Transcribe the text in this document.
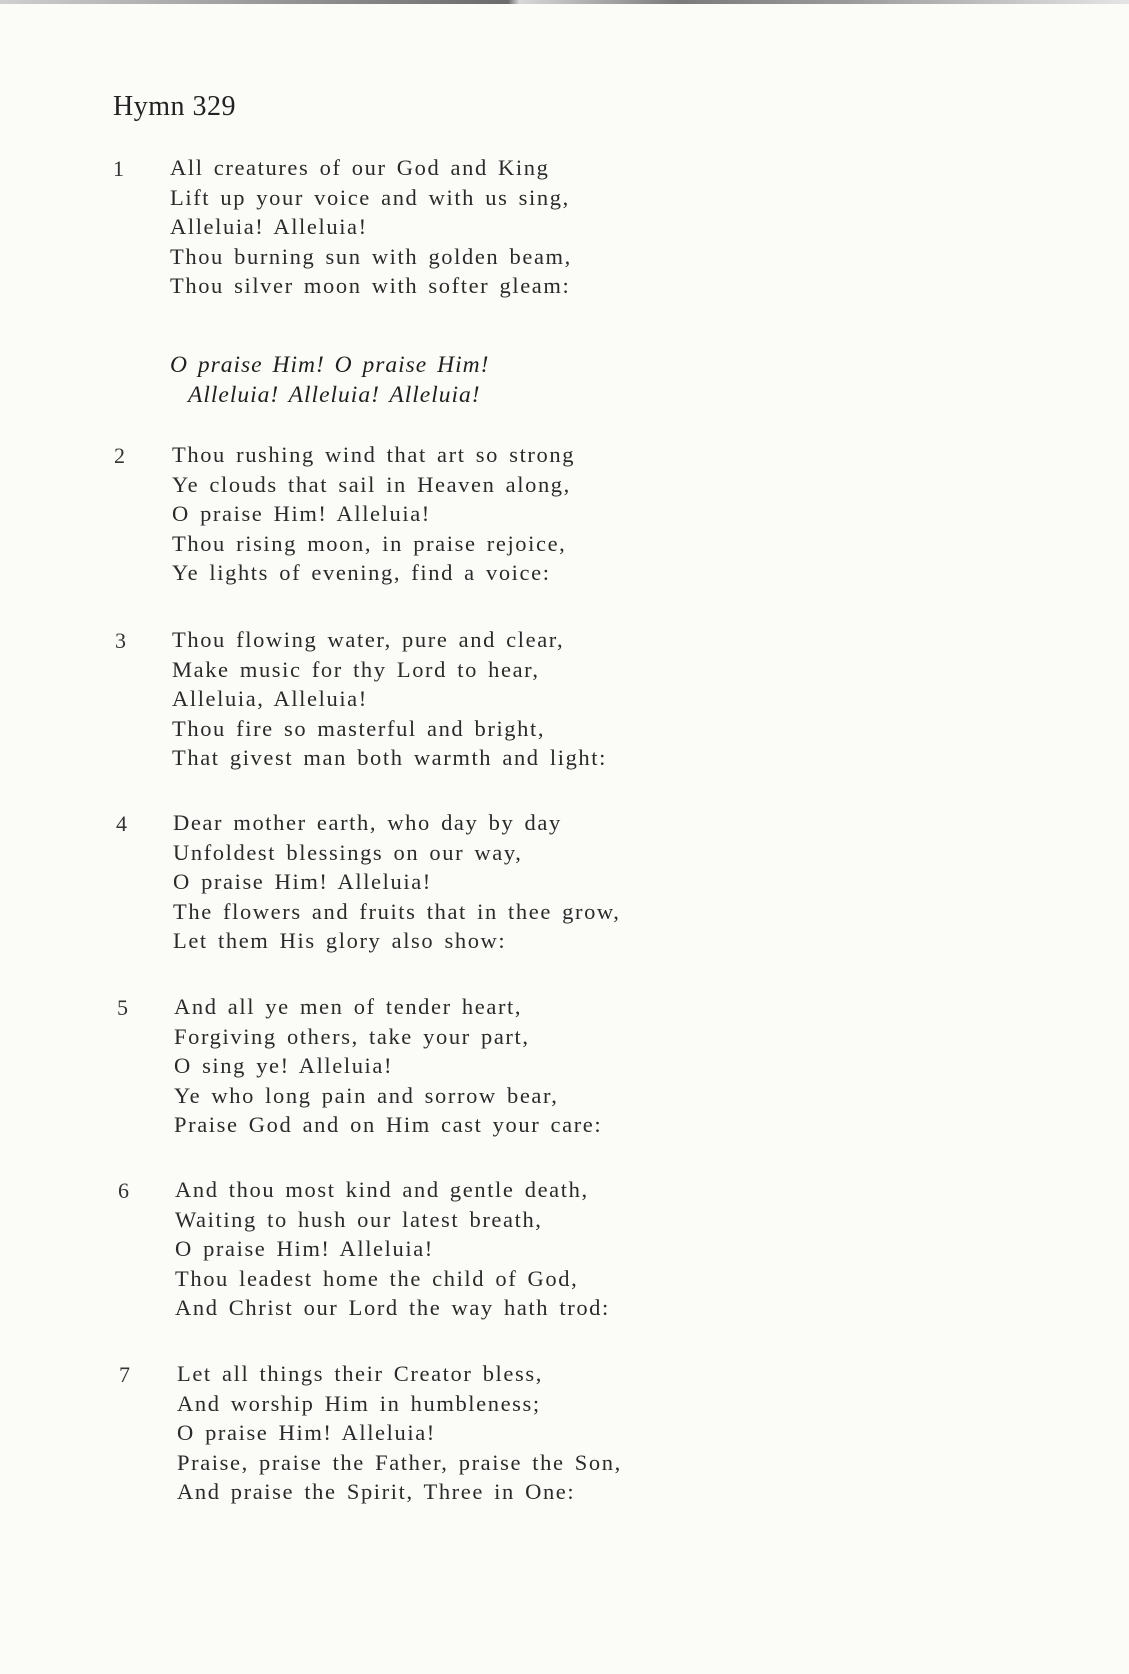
Hymn 329
1 All creatures of our God and King
Lift up your voice and with us sing,
Alleluia! Alleluia!
Thou burning sun with golden beam,
Thou silver moon with softer gleam:
O praise Him! O praise Him!
Alleluia! Alleluia! Alleluia!
2 Thou rushing wind that art so strong
Ye clouds that sail in Heaven along,
O praise Him! Alleluia!
Thou rising moon, in praise rejoice,
Ye lights of evening, find a voice:
3 Thou flowing water, pure and clear,
Make music for thy Lord to hear,
Alleluia, Alleluia!
Thou fire so masterful and bright,
That givest man both warmth and light:
4 Dear mother earth, who day by day
Unfoldest blessings on our way,
O praise Him! Alleluia!
The flowers and fruits that in thee grow,
Let them His glory also show:
5 And all ye men of tender heart,
Forgiving others, take your part,
O sing ye! Alleluia!
Ye who long pain and sorrow bear,
Praise God and on Him cast your care:
6 And thou most kind and gentle death,
Waiting to hush our latest breath,
O praise Him! Alleluia!
Thou leadest home the child of God,
And Christ our Lord the way hath trod:
7 Let all things their Creator bless,
And worship Him in humbleness;
O praise Him! Alleluia!
Praise, praise the Father, praise the Son,
And praise the Spirit, Three in One:
